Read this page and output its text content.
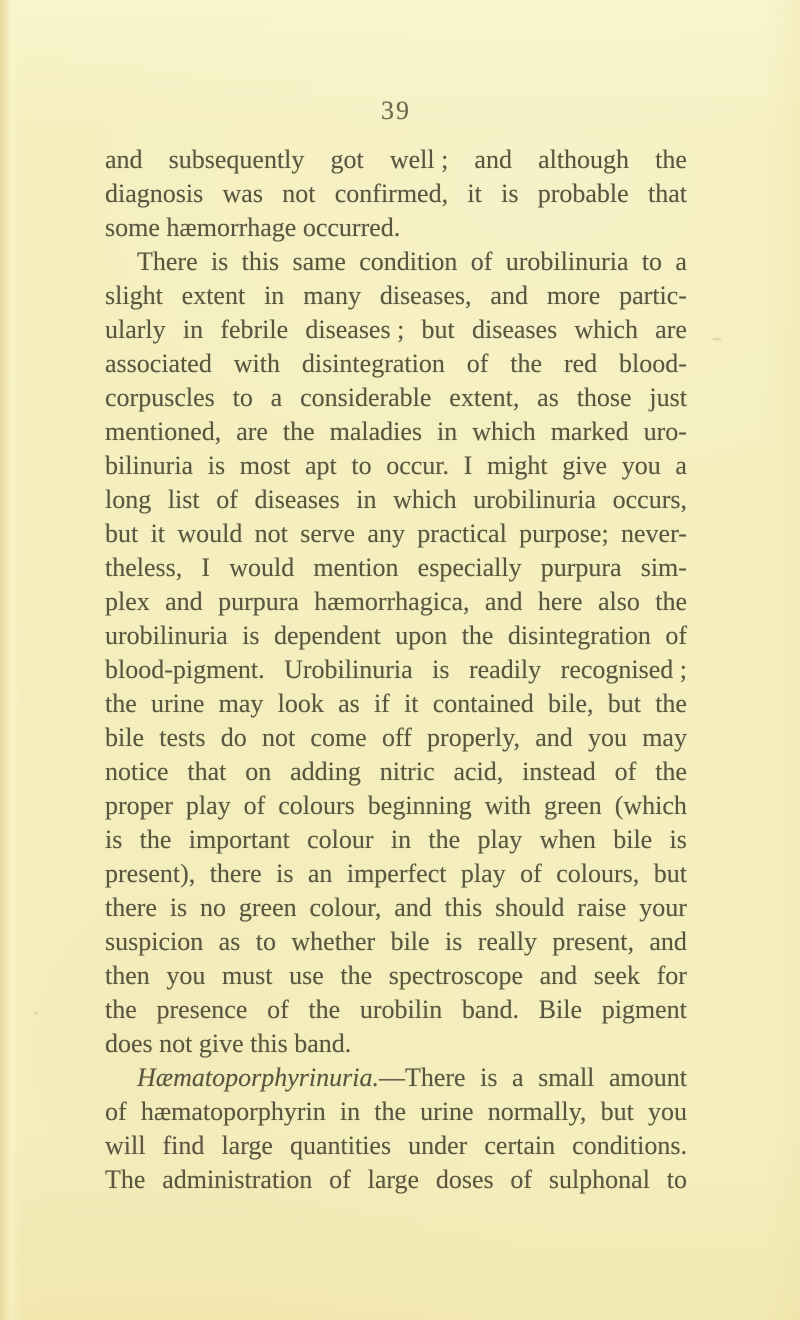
39
and subsequently got well ; and although the
diagnosis was not confirmed, it is probable that
some hæmorrhage occurred.
There is this same condition of urobilinuria to a
slight extent in many diseases, and more partic-
ularly in febrile diseases ; but diseases which are
associated with disintegration of the red blood-
corpuscles to a considerable extent, as those just
mentioned, are the maladies in which marked uro-
bilinuria is most apt to occur. I might give you a
long list of diseases in which urobilinuria occurs,
but it would not serve any practical purpose; never-
theless, I would mention especially purpura sim-
plex and purpura hæmorrhagica, and here also the
urobilinuria is dependent upon the disintegration of
blood-pigment. Urobilinuria is readily recognised ;
the urine may look as if it contained bile, but the
bile tests do not come off properly, and you may
notice that on adding nitric acid, instead of the
proper play of colours beginning with green (which
is the important colour in the play when bile is
present), there is an imperfect play of colours, but
there is no green colour, and this should raise your
suspicion as to whether bile is really present, and
then you must use the spectroscope and seek for
the presence of the urobilin band. Bile pigment
does not give this band.
Hæmatoporphyrinuria.—There is a small amount
of hæmatoporphyrin in the urine normally, but you
will find large quantities under certain conditions.
The administration of large doses of sulphonal to
